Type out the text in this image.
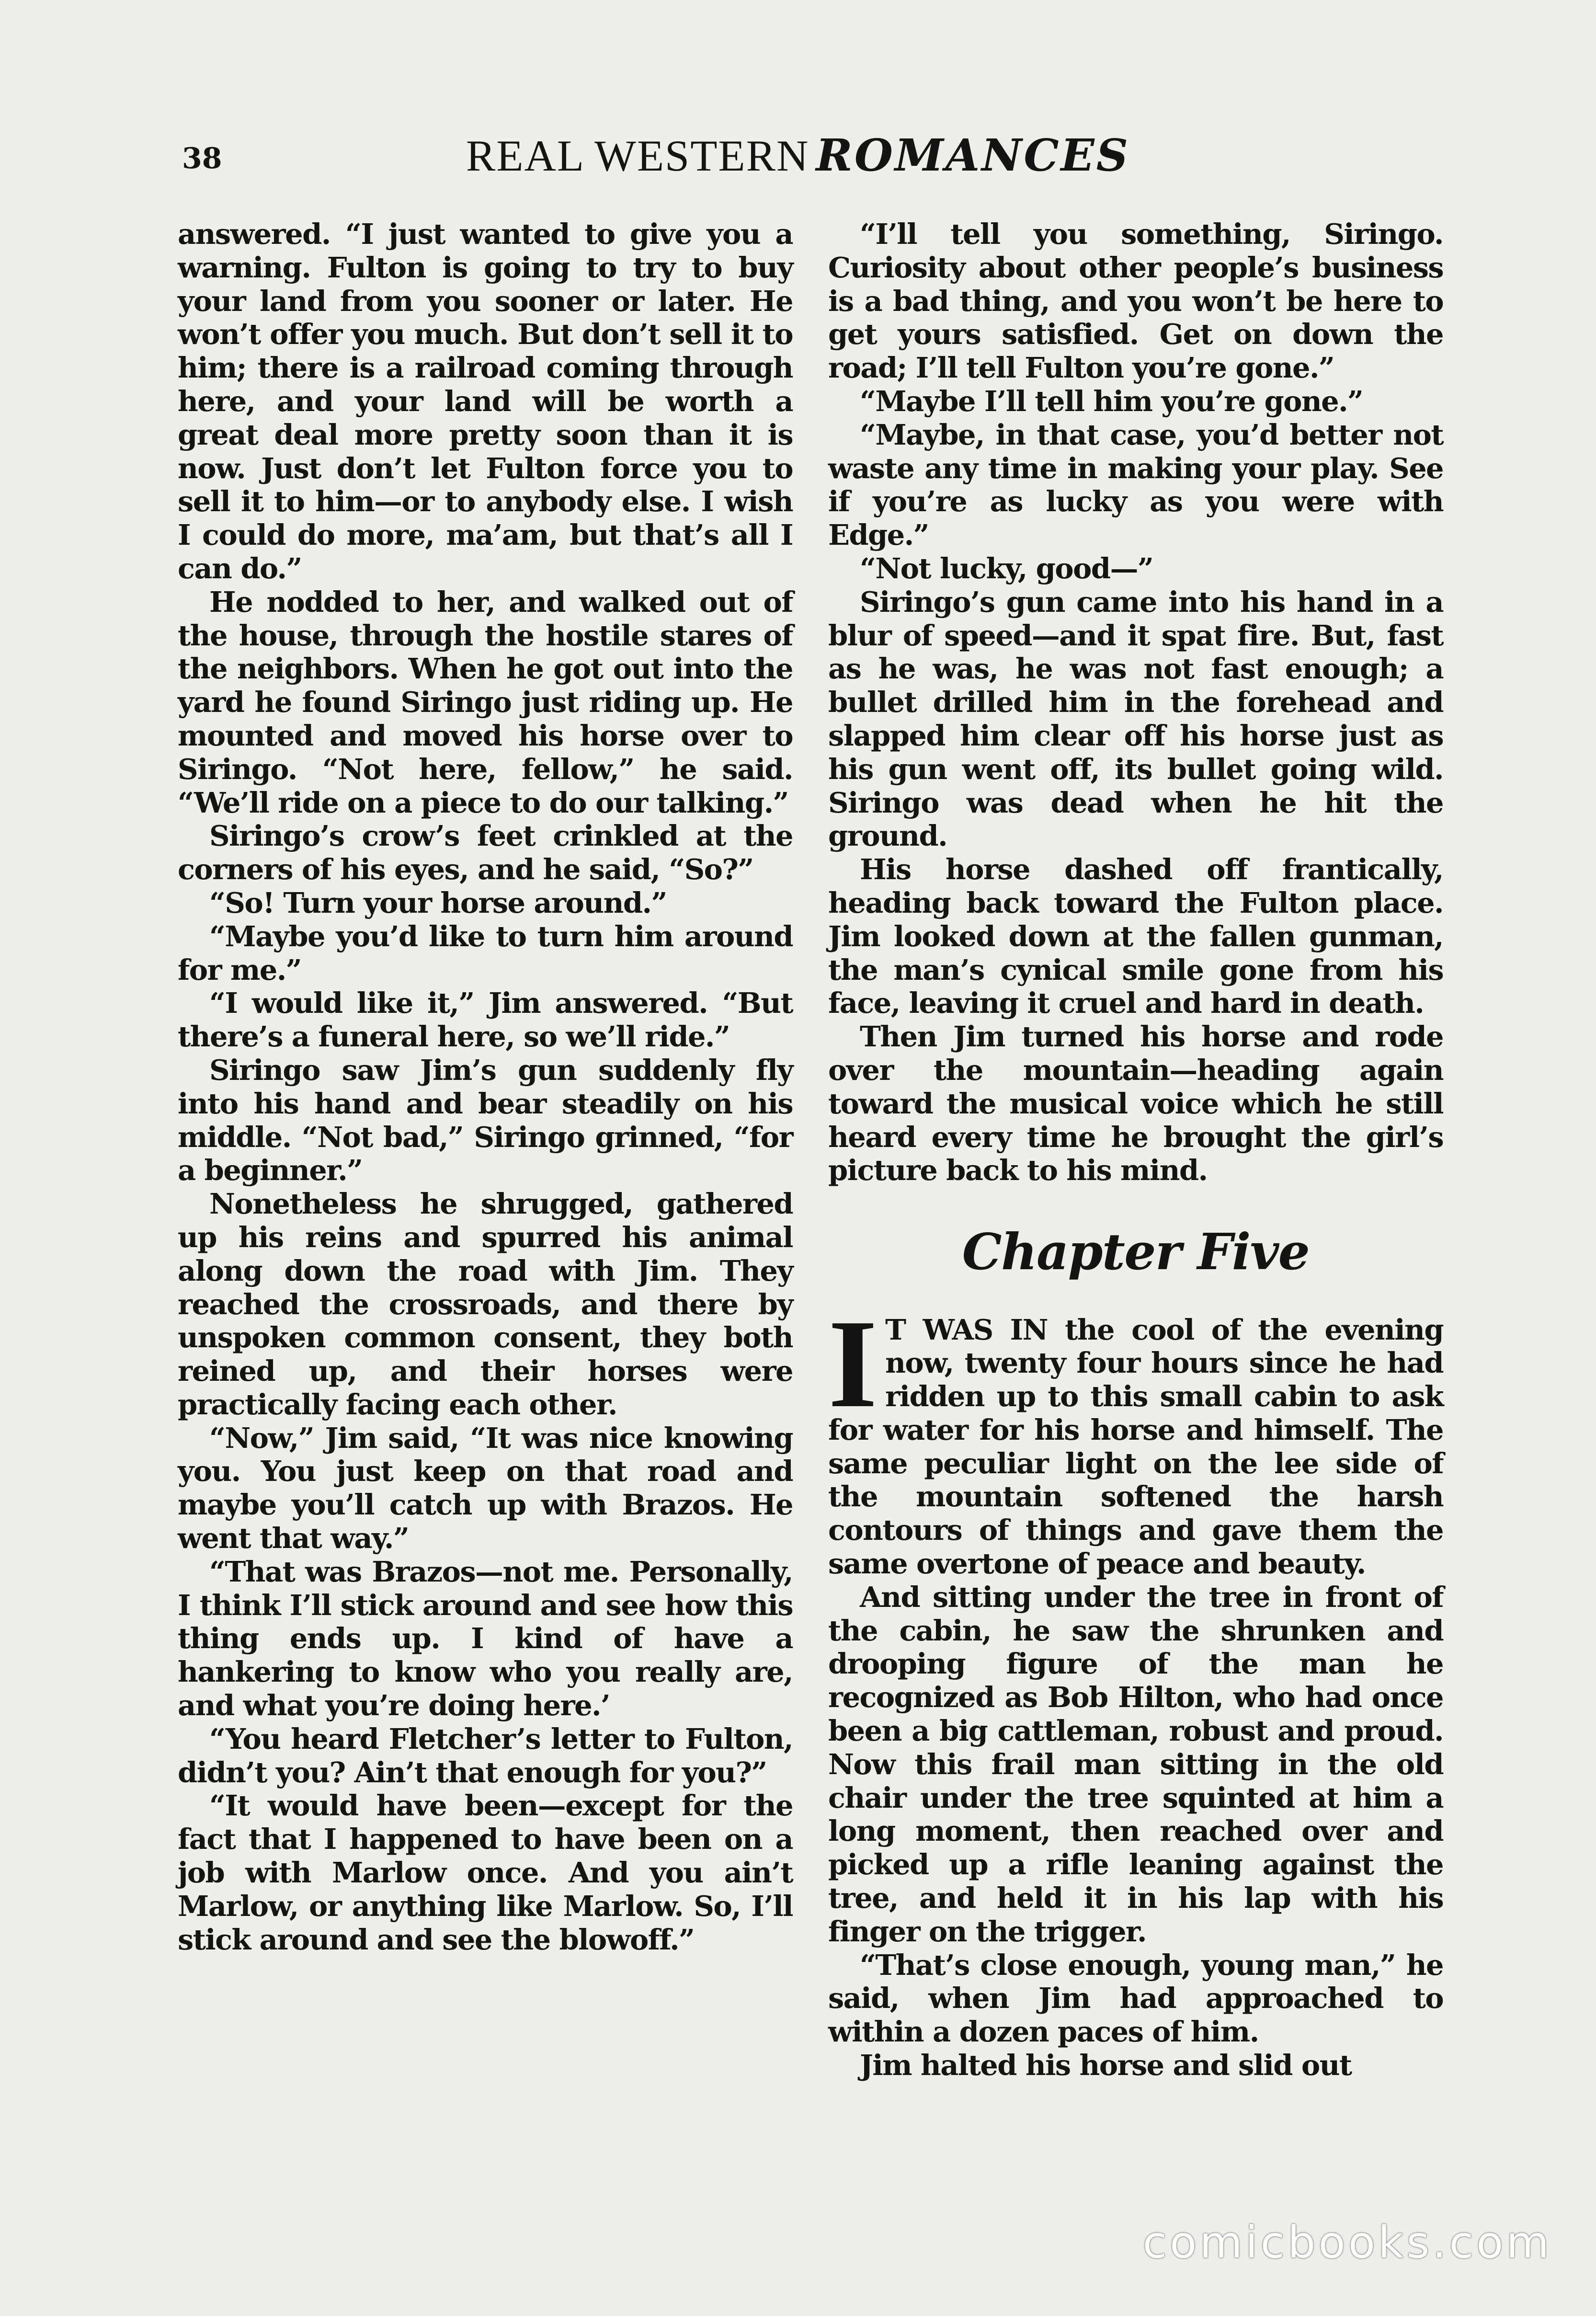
38	REAL WESTERN ROMANCES

answered. “I just wanted to give you a warning. Fulton is going to try to buy your land from you sooner or later. He won’t offer you much. But don’t sell it to him; there is a railroad coming through here, and your land will be worth a great deal more pretty soon than it is now. Just don’t let Fulton force you to sell it to him—or to anybody else. I wish I could do more, ma’am, but that’s all I can do.”

He nodded to her, and walked out of the house, through the hostile stares of the neighbors. When he got out into the yard he found Siringo just riding up. He mounted and moved his horse over to Siringo. “Not here, fellow,” he said. “We’ll ride on a piece to do our talking.”

Siringo’s crow’s feet crinkled at the corners of his eyes, and he said, “So?”

“So! Turn your horse around.”

“Maybe you’d like to turn him around for me.”

“I would like it,” Jim answered. “But there’s a funeral here, so we’ll ride.”

Siringo saw Jim’s gun suddenly fly into his hand and bear steadily on his middle. “Not bad,” Siringo grinned, “for a beginner.”

Nonetheless he shrugged, gathered up his reins and spurred his animal along down the road with Jim. They reached the crossroads, and there by unspoken common consent, they both reined up, and their horses were practically facing each other.

“Now,” Jim said, “It was nice knowing you. You just keep on that road and maybe you’ll catch up with Brazos. He went that way.”

“That was Brazos—not me. Personally, I think I’ll stick around and see how this thing ends up. I kind of have a hankering to know who you really are, and what you’re doing here.’

“You heard Fletcher’s letter to Fulton, didn’t you? Ain’t that enough for you?”

“It would have been—except for the fact that I happened to have been on a job with Marlow once. And you ain’t Marlow, or anything like Marlow. So, I’ll stick around and see the blowoff.”

“I’ll tell you something, Siringo. Curiosity about other people’s business is a bad thing, and you won’t be here to get yours satisfied. Get on down the road; I’ll tell Fulton you’re gone.”

“Maybe I’ll tell him you’re gone.”

“Maybe, in that case, you’d better not waste any time in making your play. See if you’re as lucky as you were with Edge.”

“Not lucky, good—”

Siringo’s gun came into his hand in a blur of speed—and it spat fire. But, fast as he was, he was not fast enough; a bullet drilled him in the forehead and slapped him clear off his horse just as his gun went off, its bullet going wild. Siringo was dead when he hit the ground.

His horse dashed off frantically, heading back toward the Fulton place. Jim looked down at the fallen gunman, the man’s cynical smile gone from his face, leaving it cruel and hard in death.

Then Jim turned his horse and rode over the mountain—heading again toward the musical voice which he still heard every time he brought the girl’s picture back to his mind.

Chapter Five

I T WAS IN the cool of the evening now, twenty four hours since he had ridden up to this small cabin to ask for water for his horse and himself. The same peculiar light on the lee side of the mountain softened the harsh contours of things and gave them the same overtone of peace and beauty.

And sitting under the tree in front of the cabin, he saw the shrunken and drooping figure of the man he recognized as Bob Hilton, who had once been a big cattleman, robust and proud. Now this frail man sitting in the old chair under the tree squinted at him a long moment, then reached over and picked up a rifle leaning against the tree, and held it in his lap with his finger on the trigger.

“That’s close enough, young man,” he said, when Jim had approached to within a dozen paces of him.

Jim halted his horse and slid out

comicbooks.com
